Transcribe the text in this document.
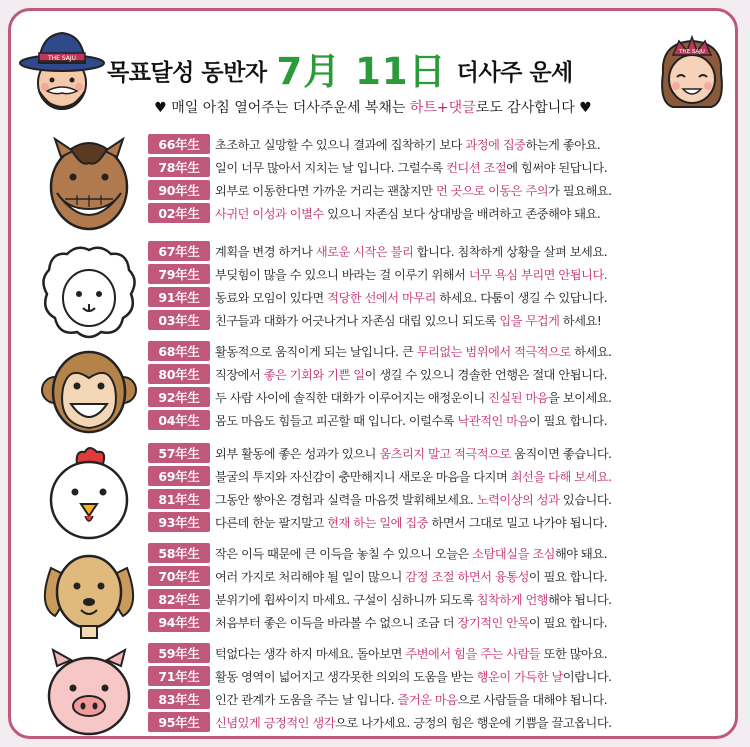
THE SAJU
목표달성 동반자 7月 11日 더사주 운세
THE SAJU
♥ 매일 아침 열어주는 더사주운세 복채는 하트+댓글로도 감사합니다 ♥
66年生	초조하고 실망할 수 있으니 결과에 집착하기 보다 과정에 집중하는게 좋아요.
78年生	일이 너무 많아서 지치는 날 입니다. 그럴수록 컨디션 조절에 힘써야 된답니다.
90年生	외부로 이동한다면 가까운 거리는 괜찮지만 먼 곳으로 이동은 주의가 필요해요.
02年生	사귀던 이성과 이별수 있으니 자존심 보다 상대방을 배려하고 존중해야 돼요.
67年生	계획을 변경 하거나 새로운 시작은 불리 합니다. 침착하게 상황을 살펴 보세요.
79年生	부딪힘이 많을 수 있으니 바라는 걸 이루기 위해서 너무 욕심 부리면 안됩니다.
91年生	동료와 모임이 있다면 적당한 선에서 마무리 하세요. 다툼이 생길 수 있답니다.
03年生	친구들과 대화가 어긋나거나 자존심 대립 있으니 되도록 입을 무겁게 하세요!
68年生	활동적으로 움직이게 되는 날입니다. 큰 무리없는 범위에서 적극적으로 하세요.
80年生	직장에서 좋은 기회와 기쁜 일이 생길 수 있으니 경솔한 언행은 절대 안됩니다.
92年生	두 사람 사이에 솔직한 대화가 이루어지는 애정운이니 진실된 마음을 보이세요.
04年生	몸도 마음도 힘들고 피곤할 때 입니다. 이럴수록 낙관적인 마음이 필요 합니다.
57年生	외부 활동에 좋은 성과가 있으니 움츠리지 말고 적극적으로 움직이면 좋습니다.
69年生	불굴의 투지와 자신감이 충만해지니 새로운 마음을 다지며 최선을 다해 보세요.
81年生	그동안 쌓아온 경험과 실력을 마음껏 발휘해보세요. 노력이상의 성과 있습니다.
93年生	다른데 한눈 팔지말고 현재 하는 일에 집중 하면서 그대로 밀고 나가야 됩니다.
58年生	작은 이득 때문에 큰 이득을 놓칠 수 있으니 오늘은 소탐대실을 조심해야 돼요.
70年生	여러 가지로 처리해야 될 일이 많으니 감정 조절 하면서 융통성이 필요 합니다.
82年生	분위기에 휩싸이지 마세요. 구설이 심하니까 되도록 침착하게 언행해야 됩니다.
94年生	처음부터 좋은 이득을 바라볼 수 없으니 조금 더 장기적인 안목이 필요 합니다.
59年生	턱없다는 생각 하지 마세요. 돌아보면 주변에서 힘을 주는 사람들 또한 많아요.
71年生	활동 영역이 넓어지고 생각못한 의외의 도움을 받는 행운이 가득한 날이랍니다.
83年生	인간 관계가 도움을 주는 날 입니다. 즐거운 마음으로 사람들을 대해야 됩니다.
95年生	신념있게 긍정적인 생각으로 나가세요. 긍정의 힘은 행운에 기쁨을 끌고옵니다.
